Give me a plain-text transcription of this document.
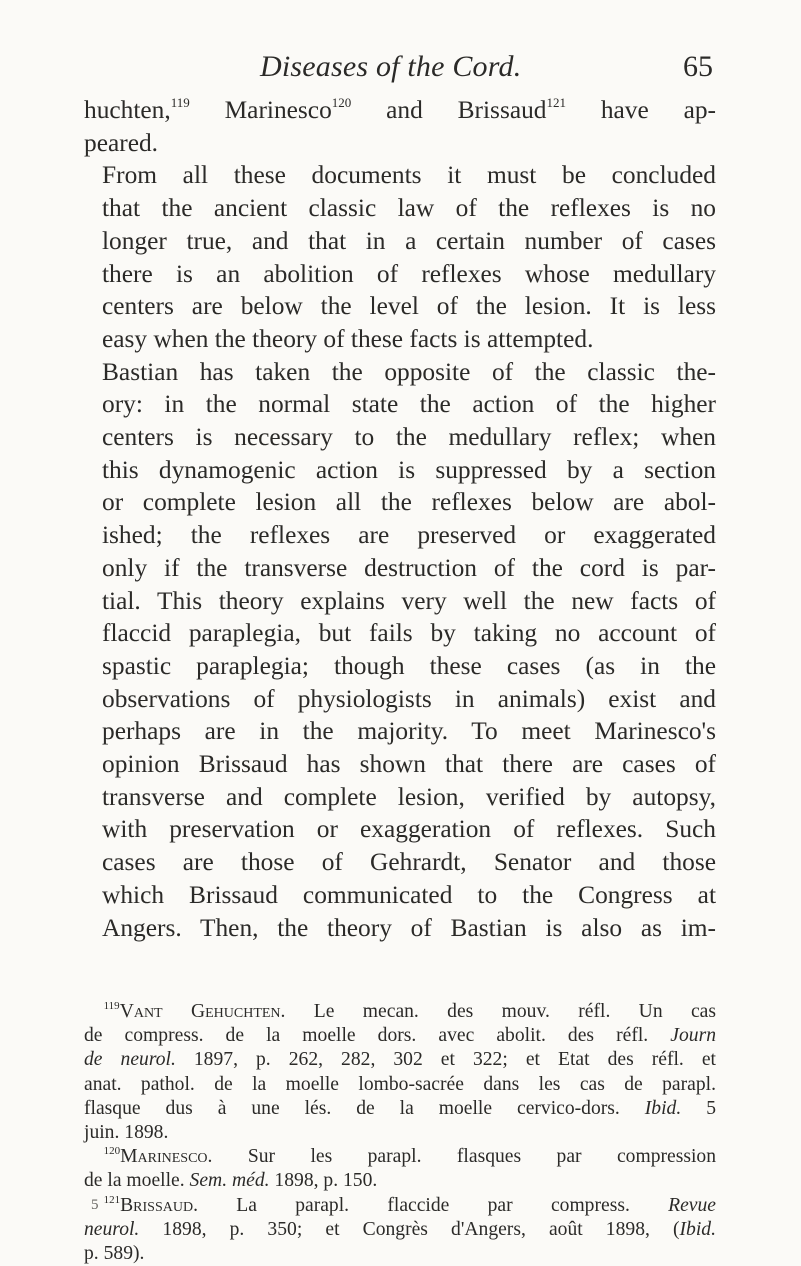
Diseases of the Cord.	65

huchten,$^{119}$ Marinesco$^{120}$ and Brissaud$^{121}$ have ap-
peared.

From all these documents it must be concluded
that the ancient classic law of the reflexes is no
longer true, and that in a certain number of cases
there is an abolition of reflexes whose medullary
centers are below the level of the lesion. It is less
easy when the theory of these facts is attempted.

Bastian has taken the opposite of the classic the-
ory: in the normal state the action of the higher
centers is necessary to the medullary reflex; when
this dynamogenic action is suppressed by a section
or complete lesion all the reflexes below are abol-
ished; the reflexes are preserved or exaggerated
only if the transverse destruction of the cord is par-
tial. This theory explains very well the new facts of
flaccid paraplegia, but fails by taking no account of
spastic paraplegia; though these cases (as in the
observations of physiologists in animals) exist and
perhaps are in the majority. To meet Marinesco's
opinion Brissaud has shown that there are cases of
transverse and complete lesion, verified by autopsy,
with preservation or exaggeration of reflexes. Such
cases are those of Gehrardt, Senator and those
which Brissaud communicated to the Congress at
Angers. Then, the theory of Bastian is also as im-

 $^{119}$Vant Gehuchten. Le mecan. des mouv. réfl. Un cas
de compress. de la moelle dors. avec abolit. des réfl. Journ
de neurol. 1897, p. 262, 282, 302 et 322; et Etat des réfl. et
anat. pathol. de la moelle lombo-sacrée dans les cas de parapl.
flasque dus à une lés. de la moelle cervico-dors. Ibid. 5
juin. 1898.

 $^{120}$Marinesco. Sur les parapl. flasques par compression
de la moelle. Sem. méd. 1898, p. 150.

 $^{121}$Brissaud. La parapl. flaccide par compress. Revue
neurol. 1898, p. 350; et Congrès d'Angers, août 1898, (Ibid.
p. 589).

5
